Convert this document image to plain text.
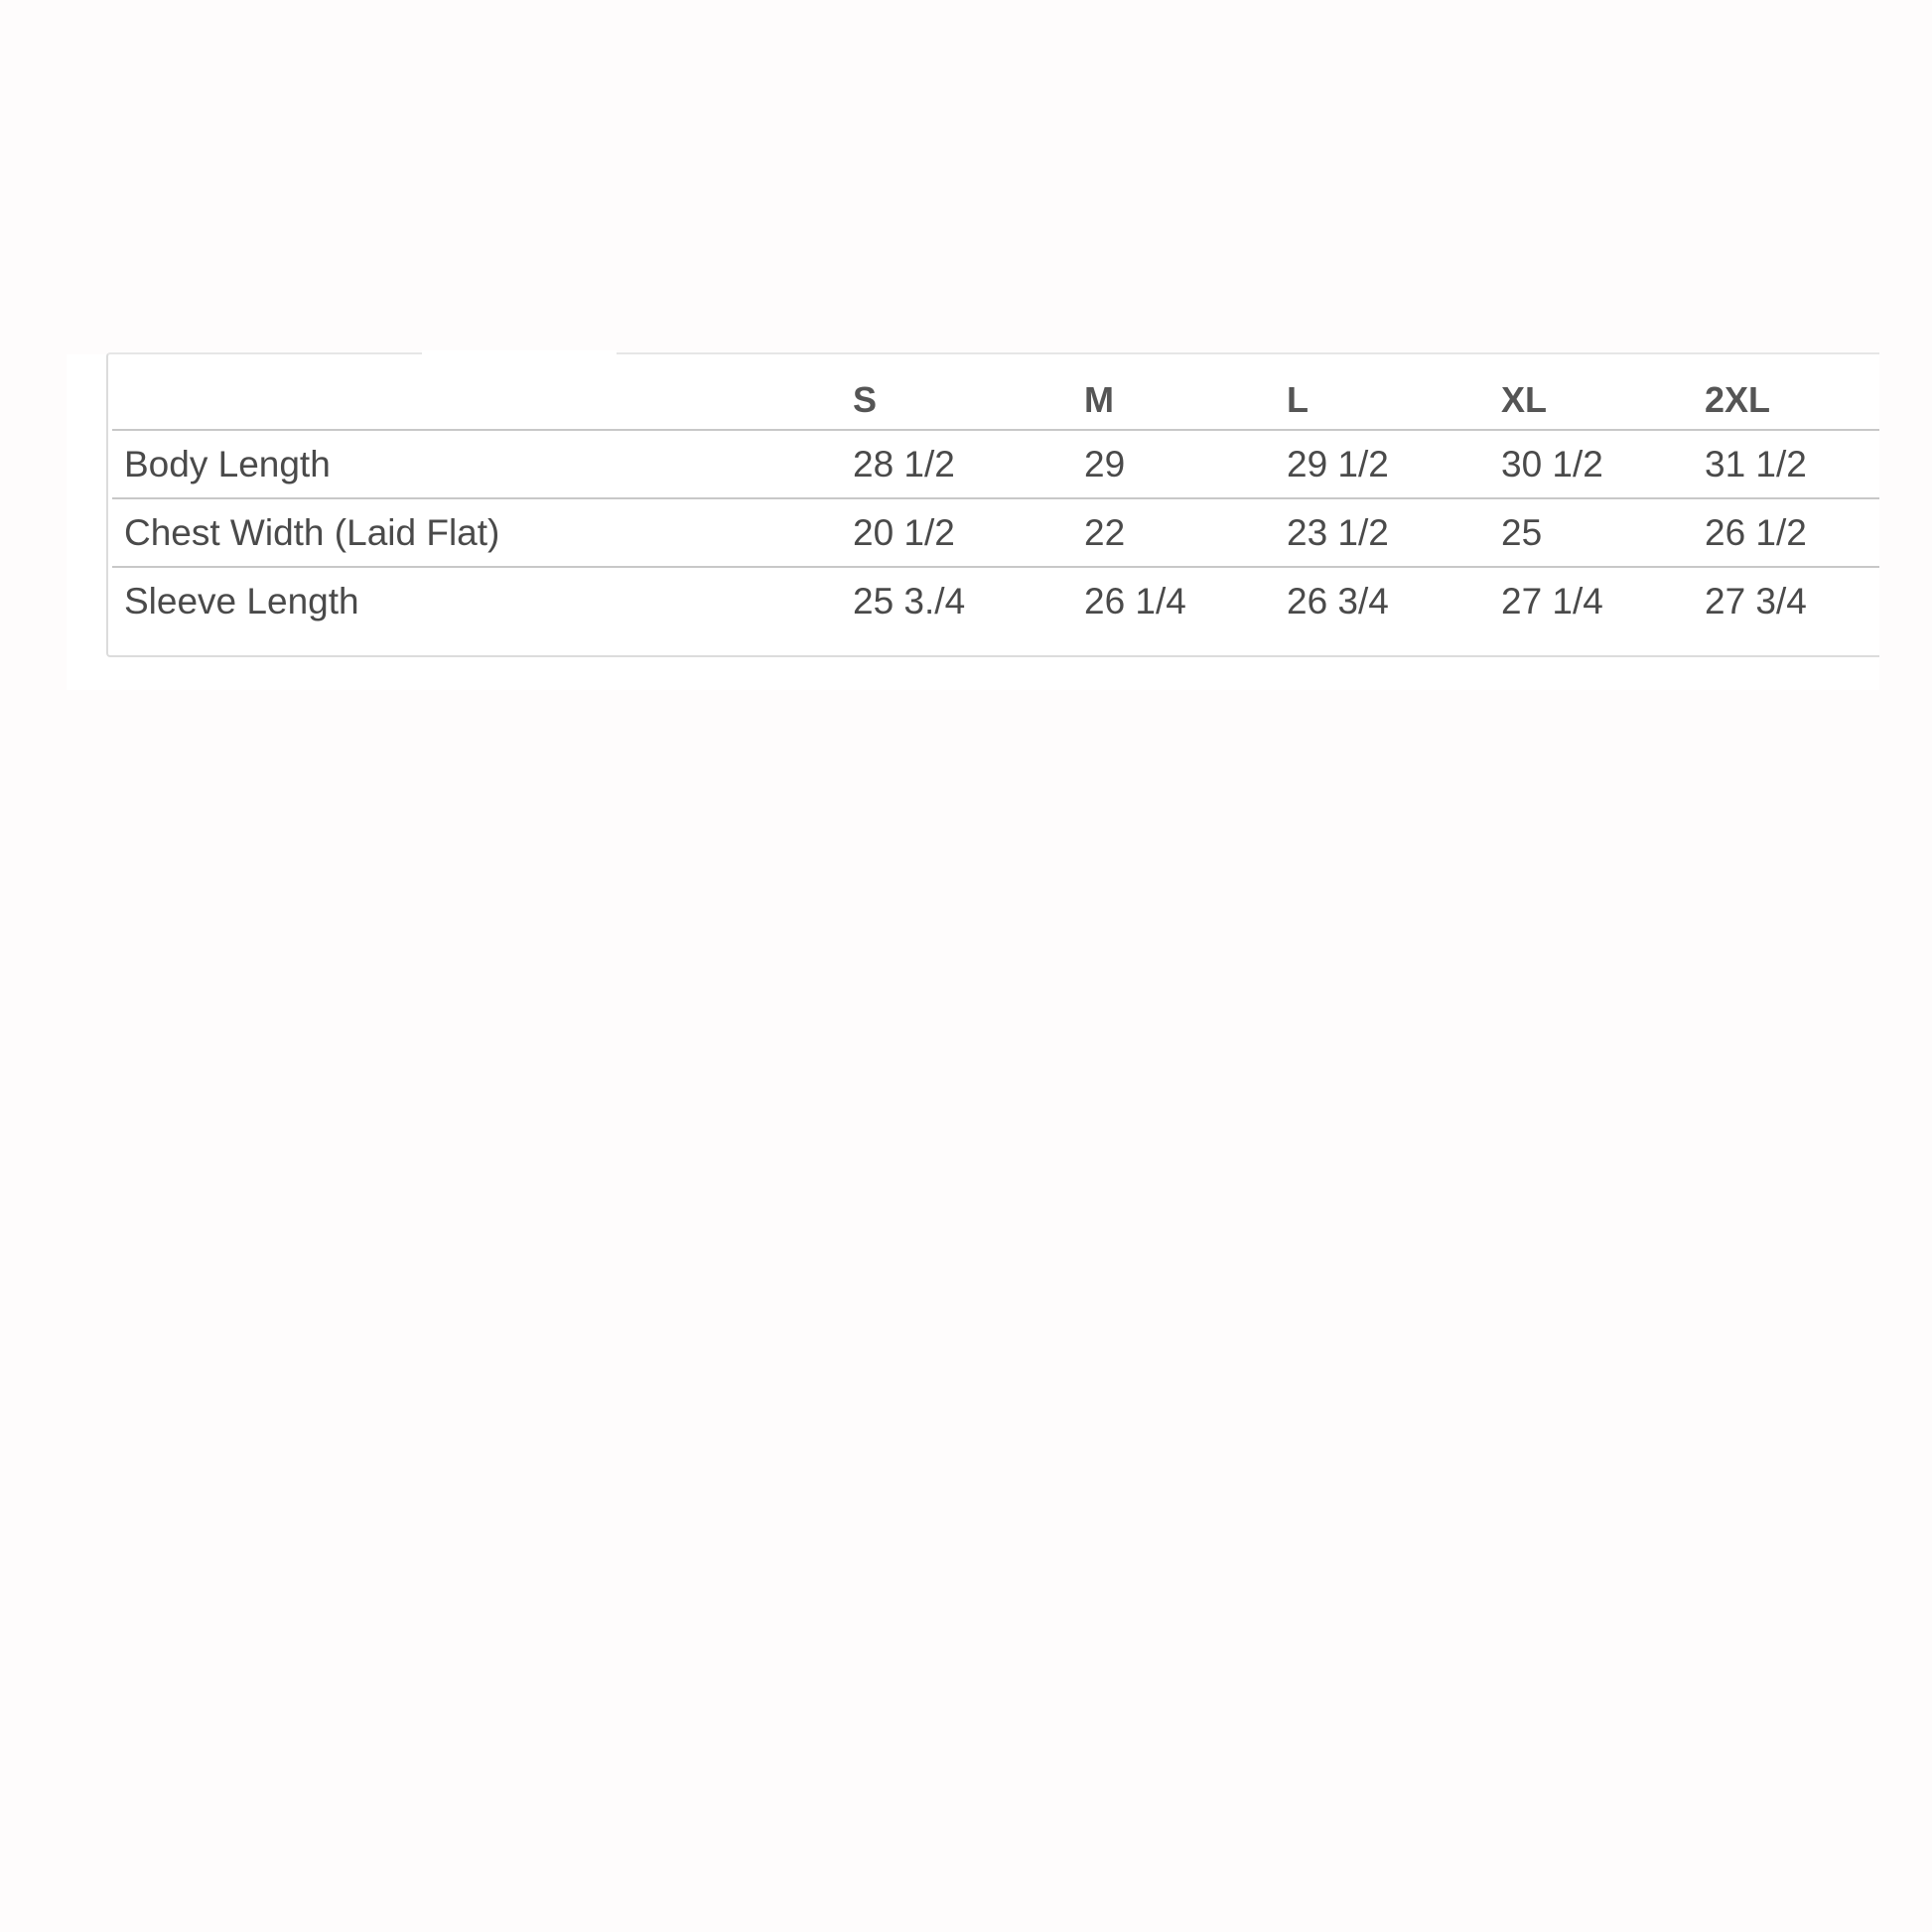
	S	M	L	XL	2XL
Body Length	28 1/2	29	29 1/2	30 1/2	31 1/2
Chest Width (Laid Flat)	20 1/2	22	23 1/2	25	26 1/2
Sleeve Length	25 3./4	26 1/4	26 3/4	27 1/4	27 3/4
